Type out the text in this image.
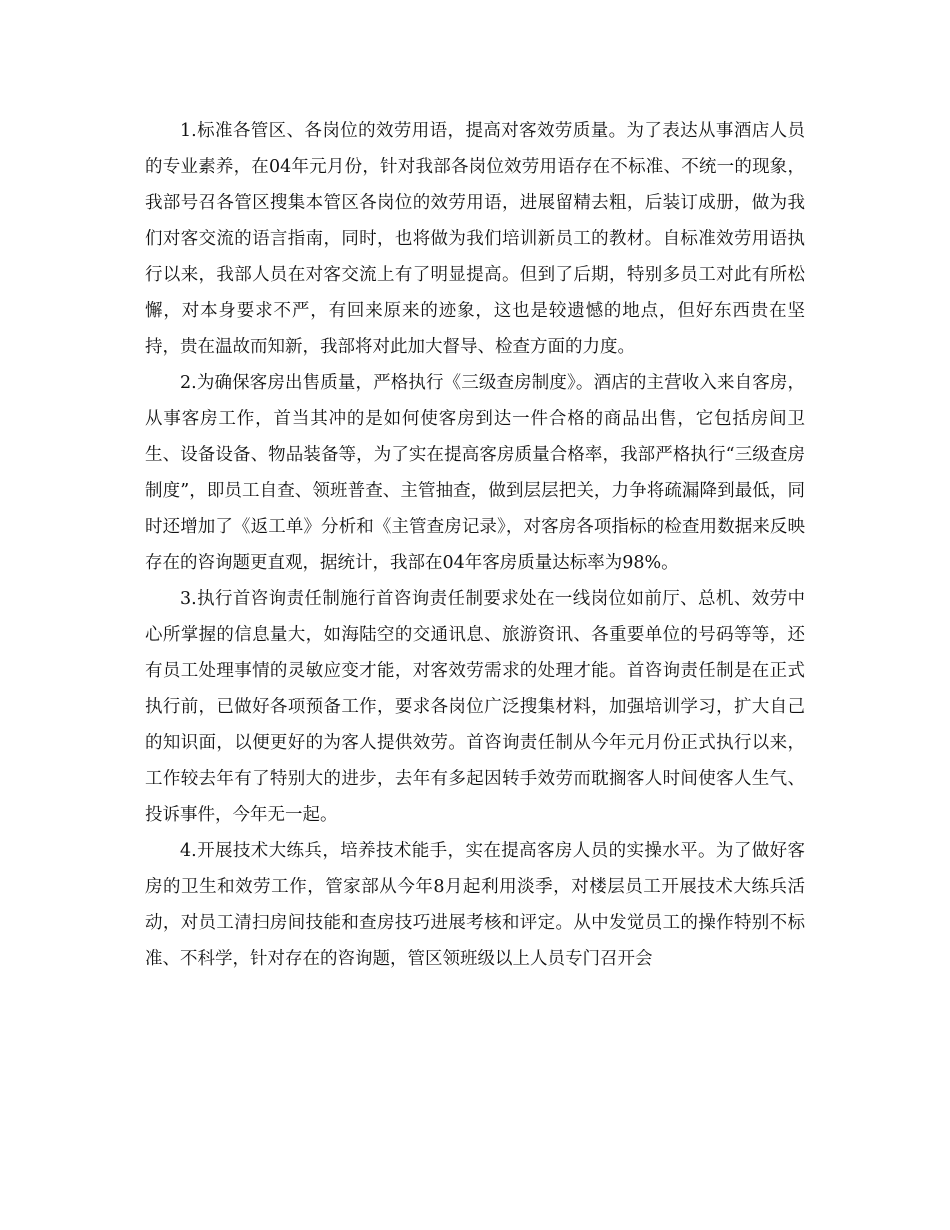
1.标准各管区、各岗位的效劳用语，提高对客效劳质量。为了表达从事酒店人员的专业素养，在04年元月份，针对我部各岗位效劳用语存在不标准、不统一的现象，我部号召各管区搜集本管区各岗位的效劳用语，进展留精去粗，后装订成册，做为我们对客交流的语言指南，同时，也将做为我们培训新员工的教材。自标准效劳用语执行以来，我部人员在对客交流上有了明显提高。但到了后期，特别多员工对此有所松懈，对本身要求不严，有回来原来的迹象，这也是较遗憾的地点，但好东西贵在坚持，贵在温故而知新，我部将对此加大督导、检查方面的力度。

2.为确保客房出售质量，严格执行《三级查房制度》。酒店的主营收入来自客房，从事客房工作，首当其冲的是如何使客房到达一件合格的商品出售，它包括房间卫生、设备设备、物品装备等，为了实在提高客房质量合格率，我部严格执行“三级查房制度”，即员工自查、领班普查、主管抽查，做到层层把关，力争将疏漏降到最低，同时还增加了《返工单》分析和《主管查房记录》，对客房各项指标的检查用数据来反映存在的咨询题更直观，据统计，我部在04年客房质量达标率为98%。

3.执行首咨询责任制施行首咨询责任制要求处在一线岗位如前厅、总机、效劳中心所掌握的信息量大，如海陆空的交通讯息、旅游资讯、各重要单位的号码等等，还有员工处理事情的灵敏应变才能，对客效劳需求的处理才能。首咨询责任制是在正式执行前，已做好各项预备工作，要求各岗位广泛搜集材料，加强培训学习，扩大自己的知识面，以便更好的为客人提供效劳。首咨询责任制从今年元月份正式执行以来，工作较去年有了特别大的进步，去年有多起因转手效劳而耽搁客人时间使客人生气、投诉事件，今年无一起。

4.开展技术大练兵，培养技术能手，实在提高客房人员的实操水平。为了做好客房的卫生和效劳工作，管家部从今年8月起利用淡季，对楼层员工开展技术大练兵活动，对员工清扫房间技能和查房技巧进展考核和评定。从中发觉员工的操作特别不标准、不科学，针对存在的咨询题，管区领班级以上人员专门召开会
